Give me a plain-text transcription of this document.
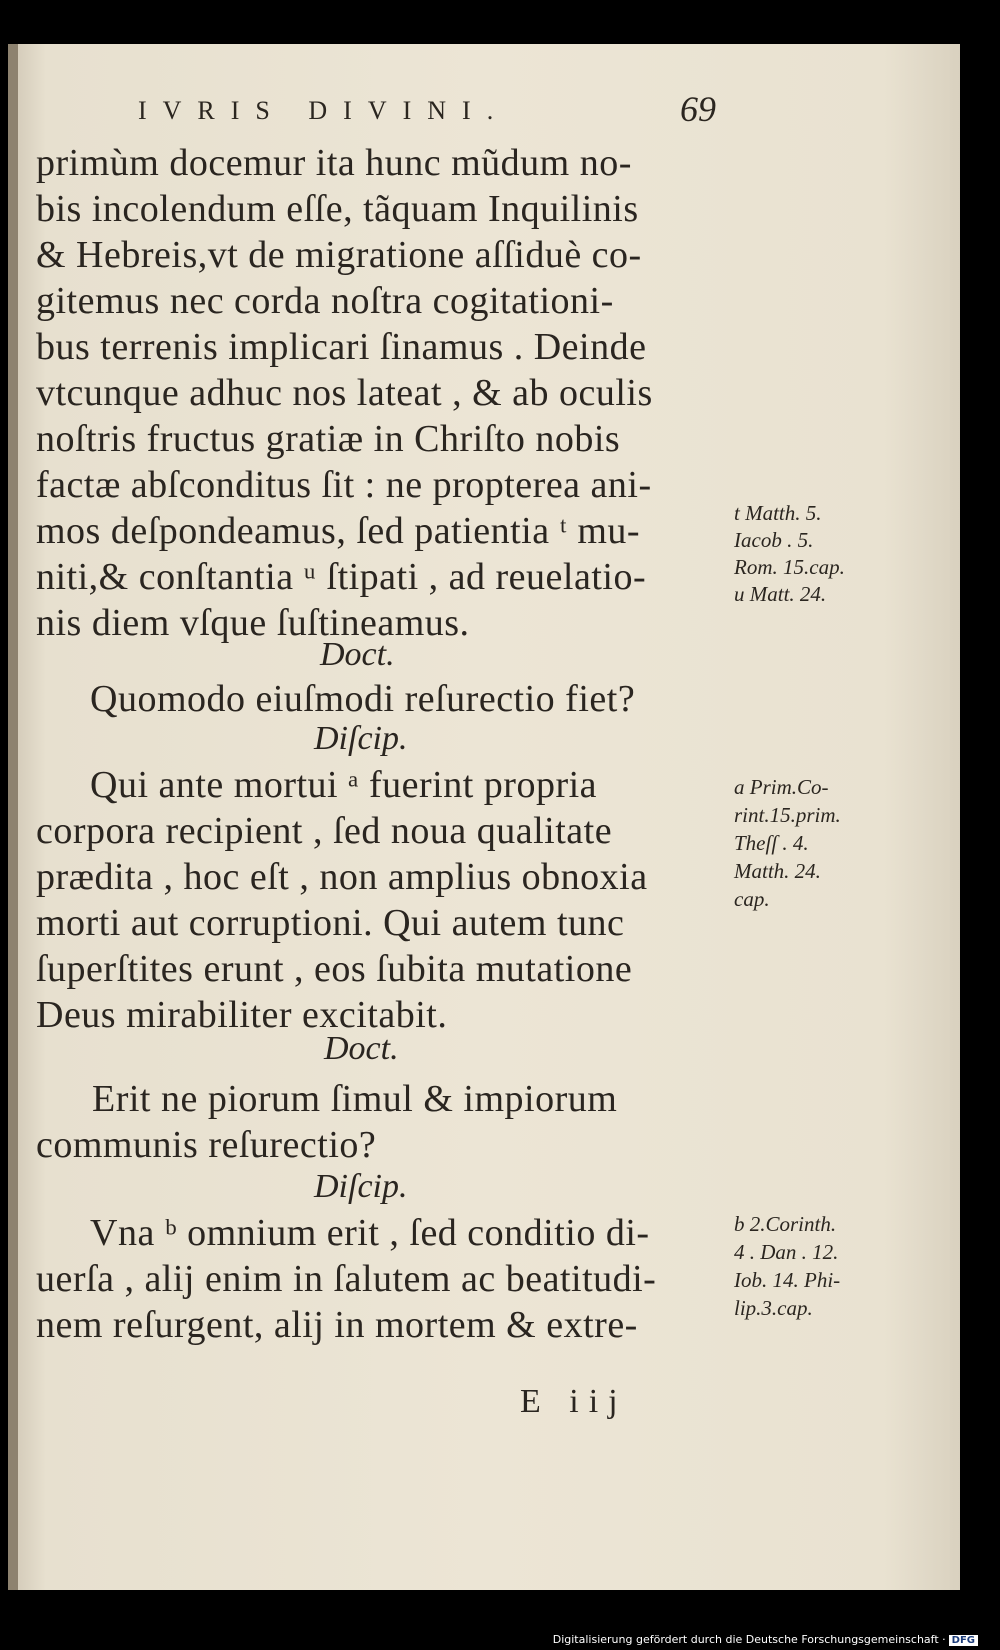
IVRIS DIVINI.	69
primùm docemur ita hunc mũdum no-
bis incolendum eſſe, tãquam Inquilinis
& Hebreis,vt de migratione aſſiduè co-
gitemus nec corda noſtra cogitationi-
bus terrenis implicari ſinamus . Deinde
vtcunque adhuc nos lateat , & ab oculis
noſtris fructus gratiæ in Chriſto nobis
factæ abſconditus ſit : ne propterea ani-
mos deſpondeamus, ſed patientia ᵗ mu-
niti,& conſtantia ᵘ ſtipati , ad reuelatio-
nis diem vſque ſuſtineamus.
Doct.
Quomodo eiuſmodi reſurectio fiet?
Diſcip.
Qui ante mortui ᵃ fuerint propria
corpora recipient , ſed noua qualitate
prædita , hoc eſt , non amplius obnoxia
morti aut corruptioni. Qui autem tunc
ſuperſtites erunt , eos ſubita mutatione
Deus mirabiliter excitabit.
Doct.
Erit ne piorum ſimul & impiorum
communis reſurectio?
Diſcip.
Vna ᵇ omnium erit , ſed conditio di-
uerſa , alij enim in ſalutem ac beatitudi-
nem reſurgent, alij in mortem & extre-
t Matth. 5.
Iacob . 5.
Rom. 15.cap.
u Matt. 24.
a Prim.Co-
rint.15.prim.
Theſſ . 4.
Matth. 24.
cap.
b 2.Corinth.
4 . Dan . 12.
Iob. 14. Phi-
lip.3.cap.
E iij
Digitalisierung gefördert durch die Deutsche Forschungsgemeinschaft · DFG
